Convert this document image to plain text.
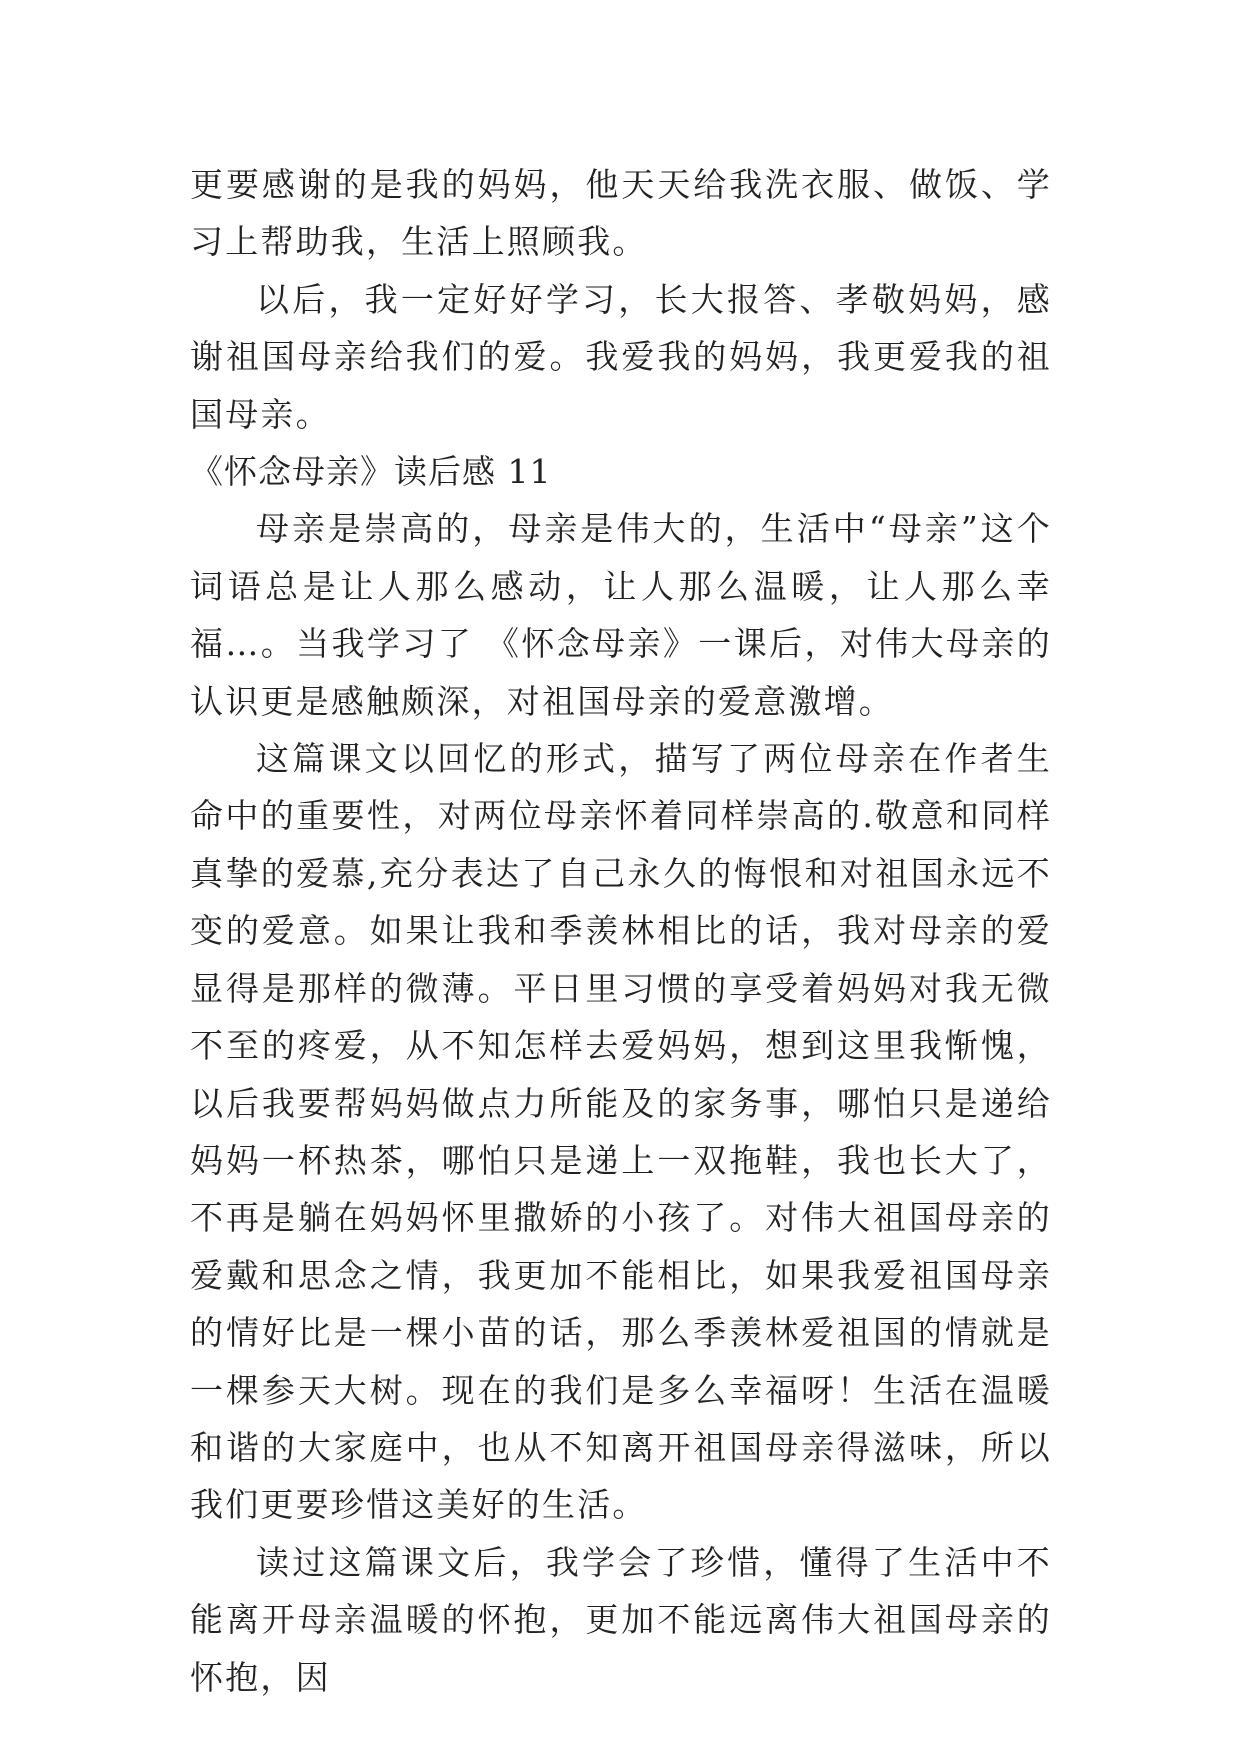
更要感谢的是我的妈妈，他天天给我洗衣服、做饭、学习上帮助我，生活上照顾我。

以后，我一定好好学习，长大报答、孝敬妈妈，感谢祖国母亲给我们的爱。我爱我的妈妈，我更爱我的祖国母亲。

《怀念母亲》读后感 11

母亲是崇高的，母亲是伟大的，生活中“母亲”这个词语总是让人那么感动，让人那么温暖，让人那么幸福…。当我学习了 《怀念母亲》一课后，对伟大母亲的认识更是感触颇深，对祖国母亲的爱意激增。

这篇课文以回忆的形式，描写了两位母亲在作者生命中的重要性，对两位母亲怀着同样崇高的.敬意和同样真挚的爱慕,充分表达了自己永久的悔恨和对祖国永远不变的爱意。如果让我和季羡林相比的话，我对母亲的爱显得是那样的微薄。平日里习惯的享受着妈妈对我无微不至的疼爱，从不知怎样去爱妈妈，想到这里我惭愧，以后我要帮妈妈做点力所能及的家务事，哪怕只是递给妈妈一杯热茶，哪怕只是递上一双拖鞋，我也长大了，不再是躺在妈妈怀里撒娇的小孩了。对伟大祖国母亲的爱戴和思念之情，我更加不能相比，如果我爱祖国母亲的情好比是一棵小苗的话，那么季羡林爱祖国的情就是一棵参天大树。现在的我们是多么幸福呀！生活在温暖和谐的大家庭中，也从不知离开祖国母亲得滋味，所以我们更要珍惜这美好的生活。

读过这篇课文后，我学会了珍惜，懂得了生活中不能离开母亲温暖的怀抱，更加不能远离伟大祖国母亲的怀抱，因
